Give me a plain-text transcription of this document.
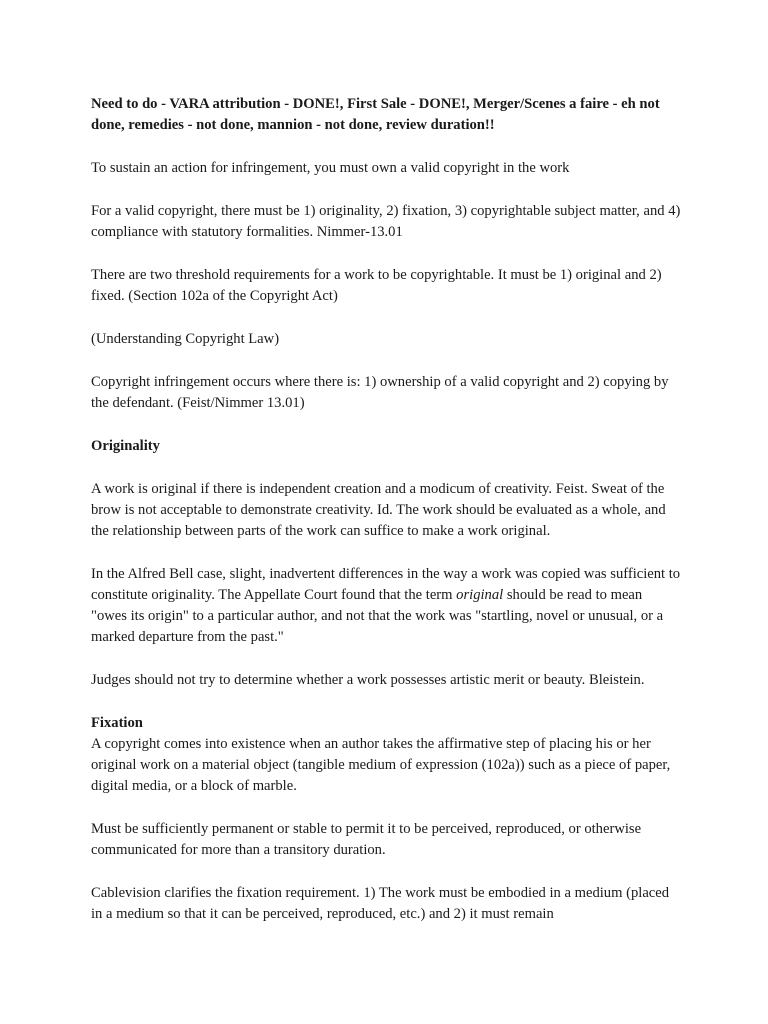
Need to do - VARA attribution - DONE!, First Sale - DONE!, Merger/Scenes a faire - eh not done, remedies - not done, mannion - not done, review duration!!

To sustain an action for infringement, you must own a valid copyright in the work

For a valid copyright, there must be 1) originality, 2) fixation, 3) copyrightable subject matter, and 4) compliance with statutory formalities. Nimmer-13.01

There are two threshold requirements for a work to be copyrightable. It must be 1) original and 2) fixed. (Section 102a of the Copyright Act)

(Understanding Copyright Law)

Copyright infringement occurs where there is: 1) ownership of a valid copyright and 2) copying by the defendant. (Feist/Nimmer 13.01)

Originality

A work is original if there is independent creation and a modicum of creativity. Feist. Sweat of the brow is not acceptable to demonstrate creativity. Id. The work should be evaluated as a whole, and the relationship between parts of the work can suffice to make a work original.

In the Alfred Bell case, slight, inadvertent differences in the way a work was copied was sufficient to constitute originality. The Appellate Court found that the term original should be read to mean "owes its origin" to a particular author, and not that the work was "startling, novel or unusual, or a marked departure from the past."

Judges should not try to determine whether a work possesses artistic merit or beauty. Bleistein.

Fixation

A copyright comes into existence when an author takes the affirmative step of placing his or her original work on a material object (tangible medium of expression (102a)) such as a piece of paper, digital media, or a block of marble.

Must be sufficiently permanent or stable to permit it to be perceived, reproduced, or otherwise communicated for more than a transitory duration.

Cablevision clarifies the fixation requirement. 1) The work must be embodied in a medium (placed in a medium so that it can be perceived, reproduced, etc.) and 2) it must remain
